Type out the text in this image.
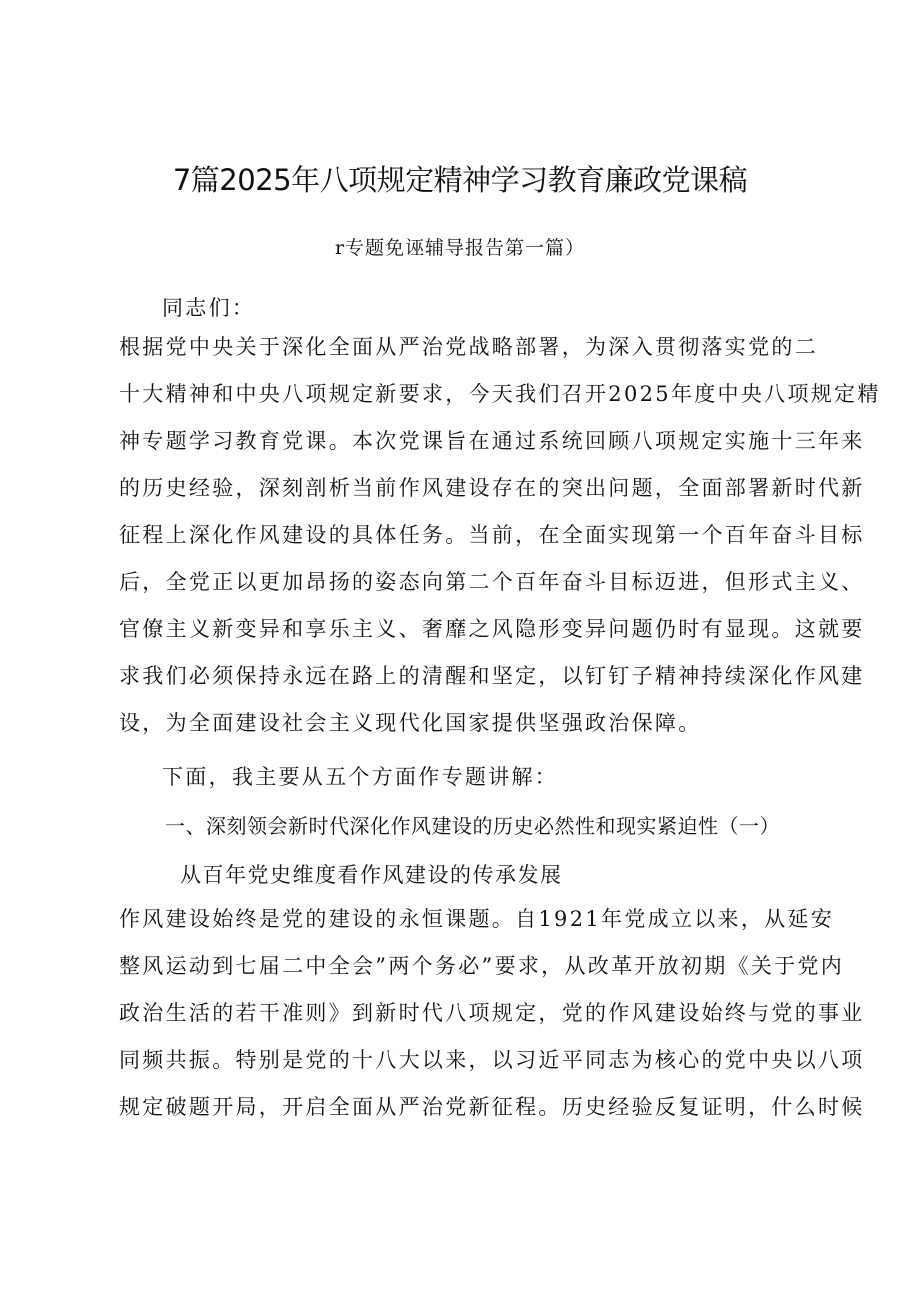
7篇2025年八项规定精神学习教育廉政党课稿
r专题免诬辅导报告第一篇）

同志们：

根据党中央关于深化全面从严治党战略部署，为深入贯彻落实党的二
十大精神和中央八项规定新要求，今天我们召开2025年度中央八项规定精
神专题学习教育党课。本次党课旨在通过系统回顾八项规定实施十三年来
的历史经验，深刻剖析当前作风建设存在的突出问题，全面部署新时代新
征程上深化作风建设的具体任务。当前，在全面实现第一个百年奋斗目标
后，全党正以更加昂扬的姿态向第二个百年奋斗目标迈进，但形式主义、
官僚主义新变异和享乐主义、奢靡之风隐形变异问题仍时有显现。这就要
求我们必须保持永远在路上的清醒和坚定，以钉钉子精神持续深化作风建
设，为全面建设社会主义现代化国家提供坚强政治保障。

下面，我主要从五个方面作专题讲解：

一、深刻领会新时代深化作风建设的历史必然性和现实紧迫性（一）

从百年党史维度看作风建设的传承发展

作风建设始终是党的建设的永恒课题。自1921年党成立以来，从延安
整风运动到七届二中全会”两个务必”要求，从改革开放初期《关于党内
政治生活的若干准则》到新时代八项规定，党的作风建设始终与党的事业
同频共振。特别是党的十八大以来，以习近平同志为核心的党中央以八项
规定破题开局，开启全面从严治党新征程。历史经验反复证明，什么时候
